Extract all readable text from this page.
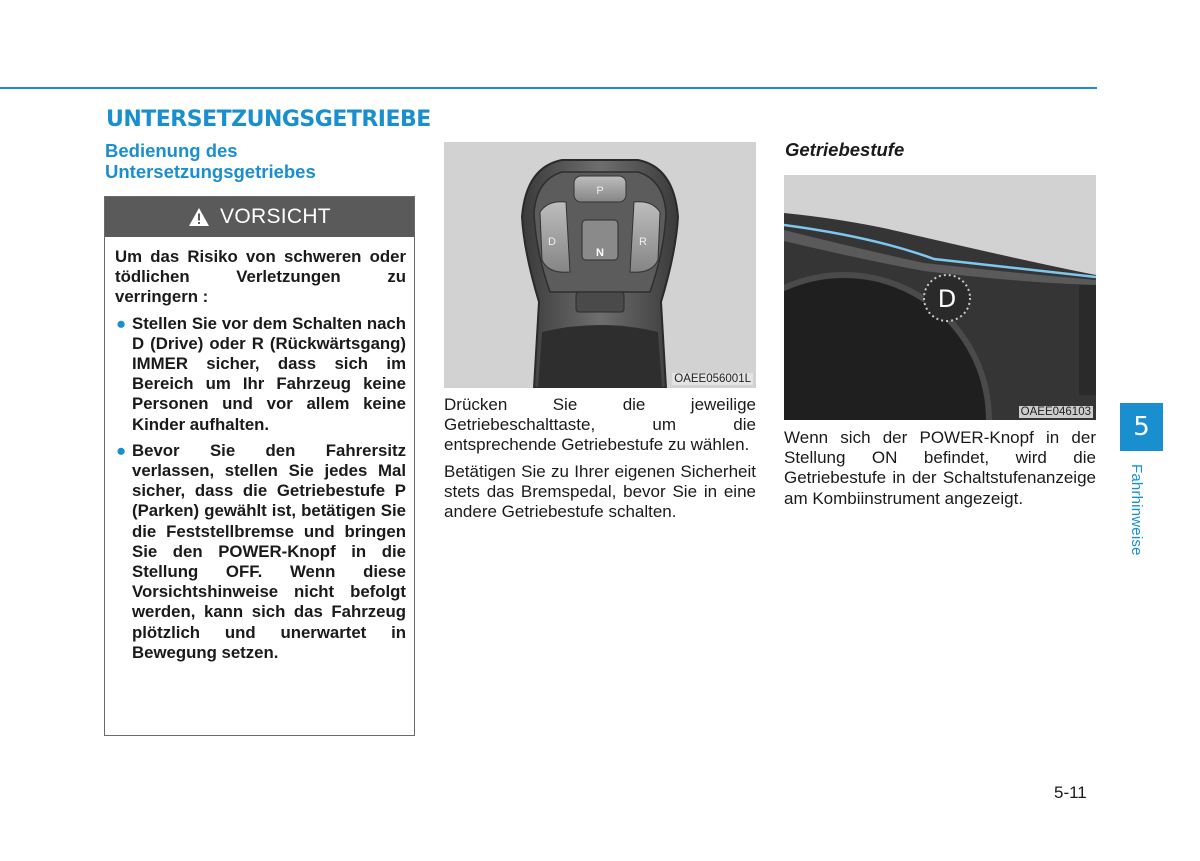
UNTERSETZUNGSGETRIEBE
Bedienung des Untersetzungsgetriebes
VORSICHT

Um das Risiko von schweren oder tödlichen Verletzungen zu verringern :

● Stellen Sie vor dem Schalten nach D (Drive) oder R (Rückwärtsgang) IMMER sicher, dass sich im Bereich um Ihr Fahrzeug keine Personen und vor allem keine Kinder aufhalten.
● Bevor Sie den Fahrersitz verlassen, stellen Sie jedes Mal sicher, dass die Getriebestufe P (Parken) gewählt ist, betätigen Sie die Feststellbremse und bringen Sie den POWER-Knopf in die Stellung OFF. Wenn diese Vorsichtshinweise nicht befolgt werden, kann sich das Fahrzeug plötzlich und unerwartet in Bewegung setzen.
P
D	R
N
OAEE056001L

Drücken Sie die jeweilige Getriebeschalttaste, um die entsprechende Getriebestufe zu wählen.

Betätigen Sie zu Ihrer eigenen Sicherheit stets das Bremspedal, bevor Sie in eine andere Getriebestufe schalten.

Getriebestufe
D
OAEE046103

Wenn sich der POWER-Knopf in der Stellung ON befindet, wird die Getriebestufe in der Schaltstufenanzeige am Kombiinstrument angezeigt.

5
Fahrhinweise
5-11
